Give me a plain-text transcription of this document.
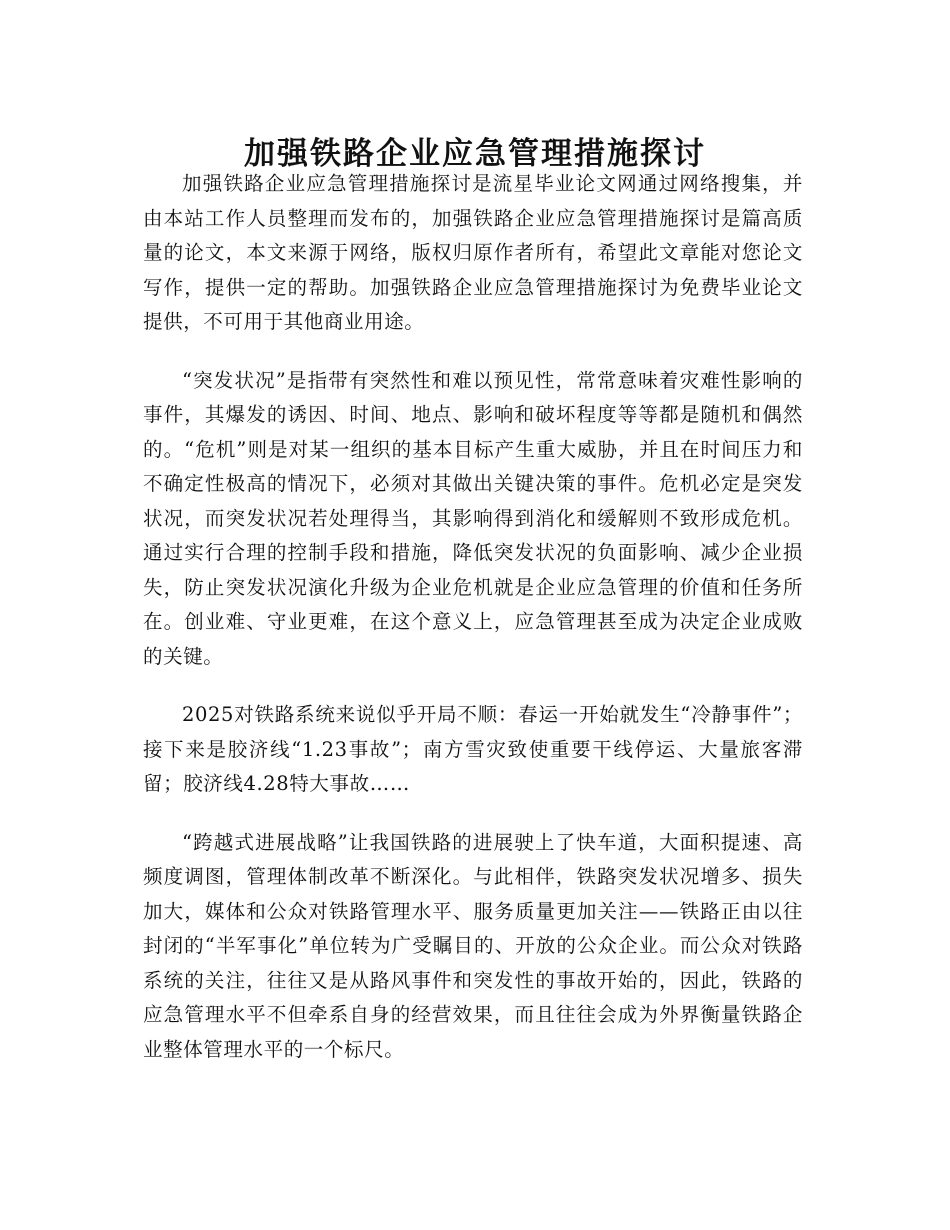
加强铁路企业应急管理措施探讨

加强铁路企业应急管理措施探讨是流星毕业论文网通过网络搜集，并由本站工作人员整理而发布的，加强铁路企业应急管理措施探讨是篇高质量的论文，本文来源于网络，版权归原作者所有，希望此文章能对您论文写作，提供一定的帮助。加强铁路企业应急管理措施探讨为免费毕业论文提供，不可用于其他商业用途。

“突发状况”是指带有突然性和难以预见性，常常意味着灾难性影响的事件，其爆发的诱因、时间、地点、影响和破坏程度等等都是随机和偶然的。“危机”则是对某一组织的基本目标产生重大威胁，并且在时间压力和不确定性极高的情况下，必须对其做出关键决策的事件。危机必定是突发状况，而突发状况若处理得当，其影响得到消化和缓解则不致形成危机。通过实行合理的控制手段和措施，降低突发状况的负面影响、减少企业损失，防止突发状况演化升级为企业危机就是企业应急管理的价值和任务所在。创业难、守业更难，在这个意义上，应急管理甚至成为决定企业成败的关键。

2025对铁路系统来说似乎开局不顺：春运一开始就发生“冷静事件”；接下来是胶济线“1.23事故”；南方雪灾致使重要干线停运、大量旅客滞留；胶济线4.28特大事故……

“跨越式进展战略”让我国铁路的进展驶上了快车道，大面积提速、高频度调图，管理体制改革不断深化。与此相伴，铁路突发状况增多、损失加大，媒体和公众对铁路管理水平、服务质量更加关注——铁路正由以往封闭的“半军事化”单位转为广受瞩目的、开放的公众企业。而公众对铁路系统的关注，往往又是从路风事件和突发性的事故开始的，因此，铁路的应急管理水平不但牵系自身的经营效果，而且往往会成为外界衡量铁路企业整体管理水平的一个标尺。
